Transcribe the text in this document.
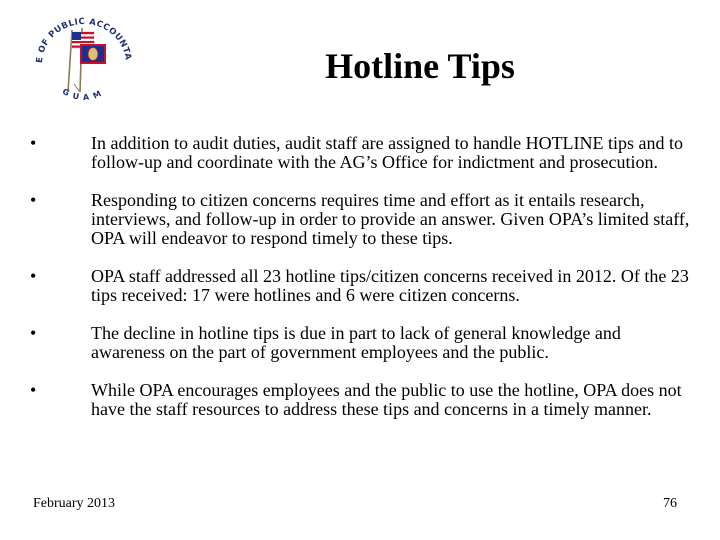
E OF PUBLIC ACCOUNTA
GUAM
Hotline Tips
•	In addition to audit duties, audit staff are assigned to handle HOTLINE tips and to follow-up and coordinate with the AG’s Office for indictment and prosecution.
•	Responding to citizen concerns requires time and effort as it entails research, interviews, and follow-up in order to provide an answer. Given OPA’s limited staff, OPA will endeavor to respond timely to these tips.
•	OPA staff addressed all 23 hotline tips/citizen concerns received in 2012. Of the 23 tips received: 17 were hotlines and 6 were citizen concerns.
•	The decline in hotline tips is due in part to lack of general knowledge and awareness on the part of government employees and the public.
•	While OPA encourages employees and the public to use the hotline, OPA does not have the staff resources to address these tips and concerns in a timely manner.
February 2013	76
